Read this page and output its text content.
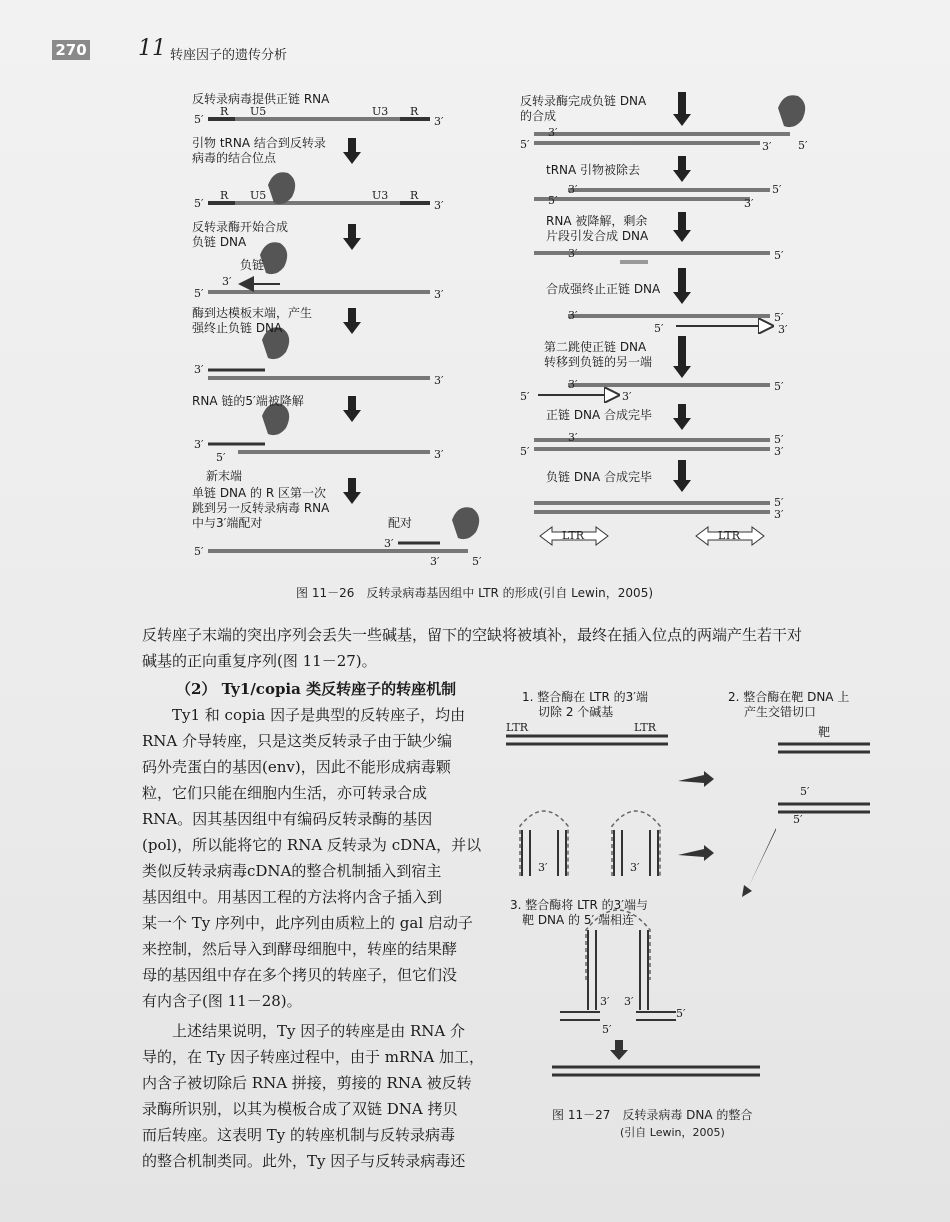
270 11 转座因子的遗传分析
反转录病毒提供正链 RNA
R U5	U3 R
5′	3′
引物 tRNA 结合到反转录
病毒的结合位点
R U5	U3 R
5′	3′
反转录酶开始合成
负链 DNA
负链
3′
5′	3′
酶到达模板末端，产生
强终止负链 DNA
3′
3′
RNA 链的5′端被降解
3′
5′	3′
新末端
单链 DNA 的 R 区第一次
跳到另一反转录病毒 RNA
中与3′端配对	配对
3′
5′
3′	5′
反转录酶完成负链 DNA
的合成
3′
5′	3′ 5′
tRNA 引物被除去
3′	5′
5′	3′
RNA 被降解，剩余
片段引发合成 DNA
3′	5′
合成强终止正链 DNA
3′	5′
5′	3′
第二跳使正链 DNA
转移到负链的另一端
3′	5′
5′	3′
正链 DNA 合成完毕
3′	5′
5′	3′
负链 DNA 合成完毕
5′
3′
LTR	LTR
图 11－26　反转录病毒基因组中 LTR 的形成(引自 Lewin，2005)
反转座子末端的突出序列会丢失一些碱基，留下的空缺将被填补，最终在插入位点的两端产生若干对
碱基的正向重复序列(图 11－27)。
（2） Ty1/copia 类反转座子的转座机制
Ty1 和 copia 因子是典型的反转座子，均由
RNA 介导转座，只是这类反转录子由于缺少编
码外壳蛋白的基因(env)，因此不能形成病毒颗
粒，它们只能在细胞内生活，亦可转录合成
RNA。因其基因组中有编码反转录酶的基因
(pol)，所以能将它的 RNA 反转录为 cDNA，并以
类似反转录病毒cDNA的整合机制插入到宿主
基因组中。用基因工程的方法将内含子插入到
某一个 Ty 序列中，此序列由质粒上的 gal 启动子
来控制，然后导入到酵母细胞中，转座的结果酵
母的基因组中存在多个拷贝的转座子，但它们没
有内含子(图 11－28)。
上述结果说明，Ty 因子的转座是由 RNA 介
导的，在 Ty 因子转座过程中，由于 mRNA 加工，
内含子被切除后 RNA 拼接，剪接的 RNA 被反转
录酶所识别，以其为模板合成了双链 DNA 拷贝
而后转座。这表明 Ty 的转座机制与反转录病毒
的整合机制类同。此外，Ty 因子与反转录病毒还
1. 整合酶在 LTR 的3′端
切除 2 个碱基
LTR	LTR
2. 整合酶在靶 DNA 上
产生交错切口
靶
5′
5′
3′	3′
3. 整合酶将 LTR 的3′端与
靶 DNA 的 5′ 端相连
3′ 3′
5′
5′
图 11－27　反转录病毒 DNA 的整合
(引自 Lewin，2005)
